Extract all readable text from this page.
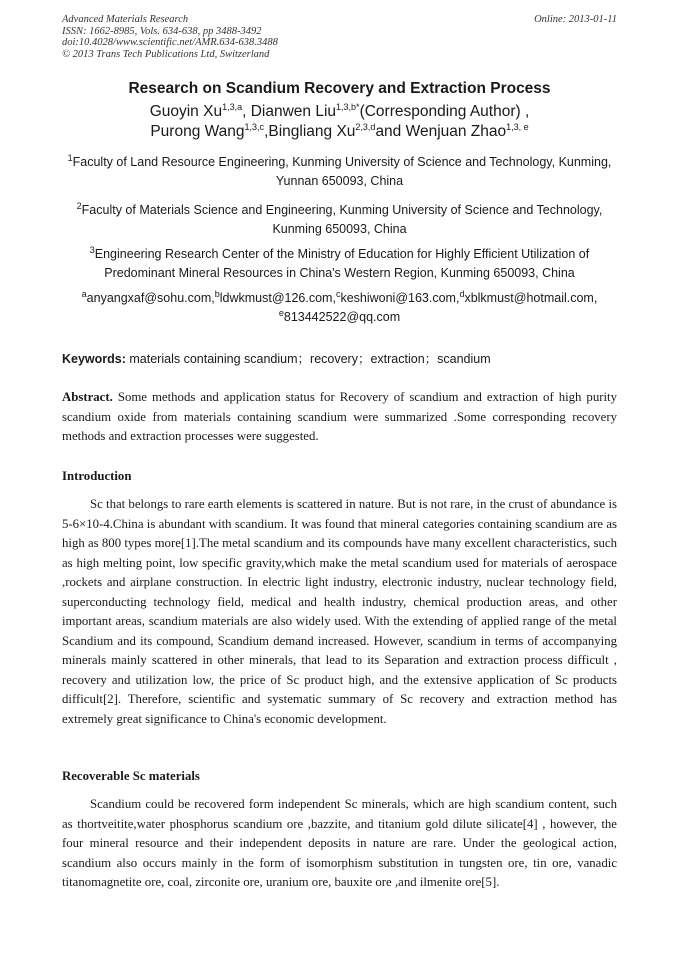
Advanced Materials Research
ISSN: 1662-8985, Vols. 634-638, pp 3488-3492
doi:10.4028/www.scientific.net/AMR.634-638.3488
© 2013 Trans Tech Publications Ltd, Switzerland
Online: 2013-01-11
Research on Scandium Recovery and Extraction Process
Guoyin Xu$^{1,3,a}$, Dianwen Liu$^{1,3,b*}$(Corresponding Author) ,
Purong Wang$^{1,3,c}$,Bingliang Xu$^{2,3,d}$and Wenjuan Zhao$^{1,3, e}$
$^1$Faculty of Land Resource Engineering, Kunming University of Science and Technology, Kunming,
Yunnan 650093, China
$^2$Faculty of Materials Science and Engineering, Kunming University of Science and Technology,
Kunming 650093, China
$^3$Engineering Research Center of the Ministry of Education for Highly Efficient Utilization of
Predominant Mineral Resources in China's Western Region, Kunming 650093, China
$^a$anyangxaf@sohu.com,$^b$ldwkmust@126.com,$^c$keshiwoni@163.com,$^d$xblkmust@hotmail.com,
$^e$813442522@qq.com
Keywords: materials containing scandium；recovery；extraction；scandium
Abstract. Some methods and application status for Recovery of scandium and extraction of high purity scandium oxide from materials containing scandium were summarized .Some corresponding recovery methods and extraction processes were suggested.
Introduction
Sc that belongs to rare earth elements is scattered in nature. But is not rare, in the crust of abundance is 5-6×10-4.China is abundant with scandium. It was found that mineral categories containing scandium are as high as 800 types more[1].The metal scandium and its compounds have many excellent characteristics, such as high melting point, low specific gravity,which make the metal scandium used for materials of aerospace ,rockets and airplane construction. In electric light industry, electronic industry, nuclear technology field, superconducting technology field, medical and health industry, chemical production areas, and other important areas, scandium materials are also widely used. With the extending of applied range of the metal Scandium and its compound, Scandium demand increased. However, scandium in terms of accompanying minerals mainly scattered in other minerals, that lead to its Separation and extraction process difficult , recovery and utilization low, the price of Sc product high, and the extensive application of Sc products difficult[2]. Therefore, scientific and systematic summary of Sc recovery and extraction method has extremely great significance to China's economic development.
Recoverable Sc materials
Scandium could be recovered form independent Sc minerals, which are high scandium content, such as thortveitite,water phosphorus scandium ore ,bazzite, and titanium gold dilute silicate[4] , however, the four mineral resource and their independent deposits in nature are rare. Under the geological action, scandium also occurs mainly in the form of isomorphism substitution in tungsten ore, tin ore, vanadic titanomagnetite ore, coal, zirconite ore, uranium ore, bauxite ore ,and ilmenite ore[5].
